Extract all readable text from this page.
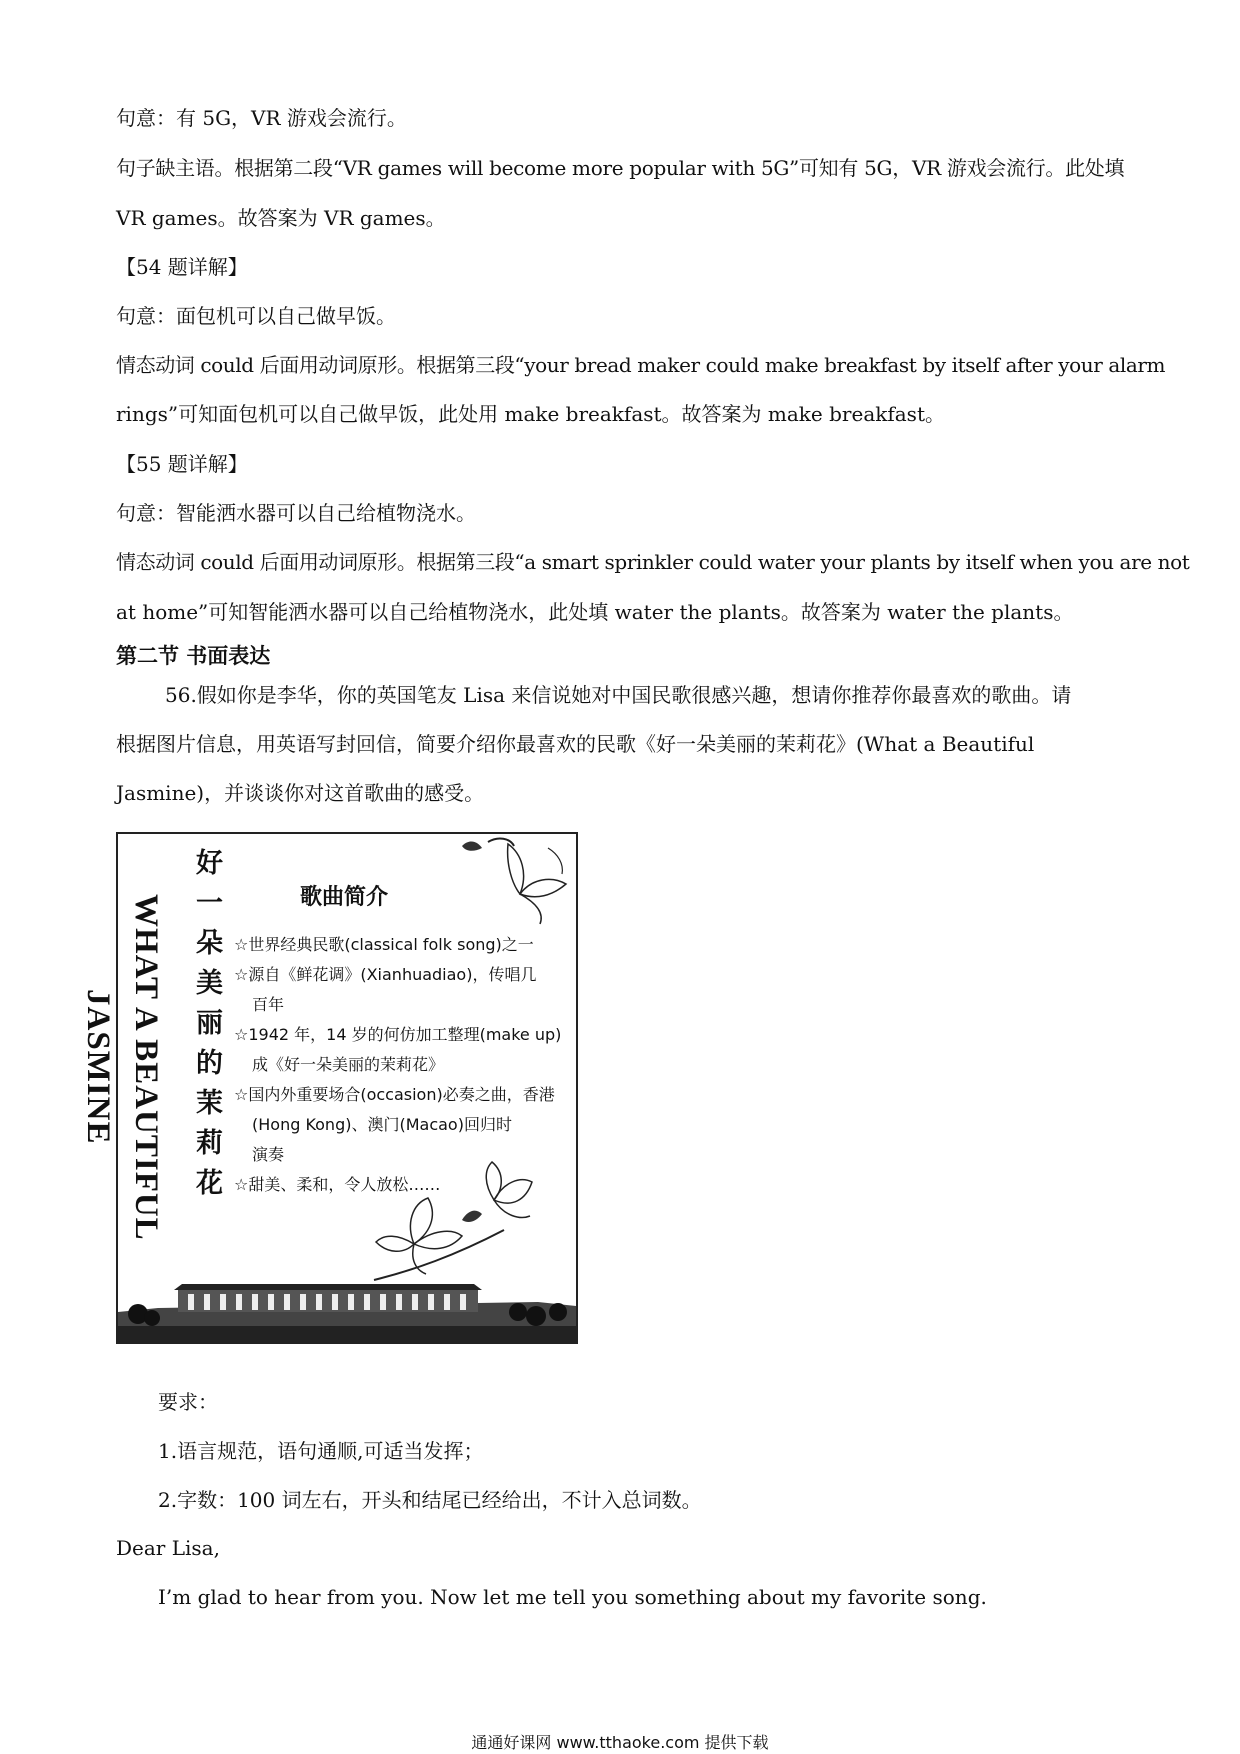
句意：有 5G，VR 游戏会流行。
句子缺主语。根据第二段“VR games will become more popular with 5G”可知有 5G，VR 游戏会流行。此处填
VR games。故答案为 VR games。
【54 题详解】
句意：面包机可以自己做早饭。
情态动词 could 后面用动词原形。根据第三段“your bread maker could make breakfast by itself after your alarm
rings”可知面包机可以自己做早饭，此处用 make breakfast。故答案为 make breakfast。
【55 题详解】
句意：智能洒水器可以自己给植物浇水。
情态动词 could 后面用动词原形。根据第三段“a smart sprinkler could water your plants by itself when you are not
at home”可知智能洒水器可以自己给植物浇水，此处填 water the plants。故答案为 water the plants。
第二节 书面表达
56.假如你是李华，你的英国笔友 Lisa 来信说她对中国民歌很感兴趣，想请你推荐你最喜欢的歌曲。请
根据图片信息，用英语写封回信，简要介绍你最喜欢的民歌《好一朵美丽的茉莉花》(What a Beautiful
Jasmine)，并谈谈你对这首歌曲的感受。
WHAT A BEAUTIFUL JASMINE	好一朵美丽的茉莉花	歌曲简介
☆世界经典民歌(classical folk song)之一
☆源自《鲜花调》(Xianhuadiao)，传唱几
百年
☆1942 年，14 岁的何仿加工整理(make up)
成《好一朵美丽的茉莉花》
☆国内外重要场合(occasion)必奏之曲，香港
(Hong Kong)、澳门(Macao)回归时
演奏
☆甜美、柔和，令人放松……
要求：
1.语言规范，语句通顺,可适当发挥；
2.字数：100 词左右，开头和结尾已经给出，不计入总词数。
Dear Lisa,
I’m glad to hear from you. Now let me tell you something about my favorite song.
通通好课网 www.tthaoke.com 提供下载
